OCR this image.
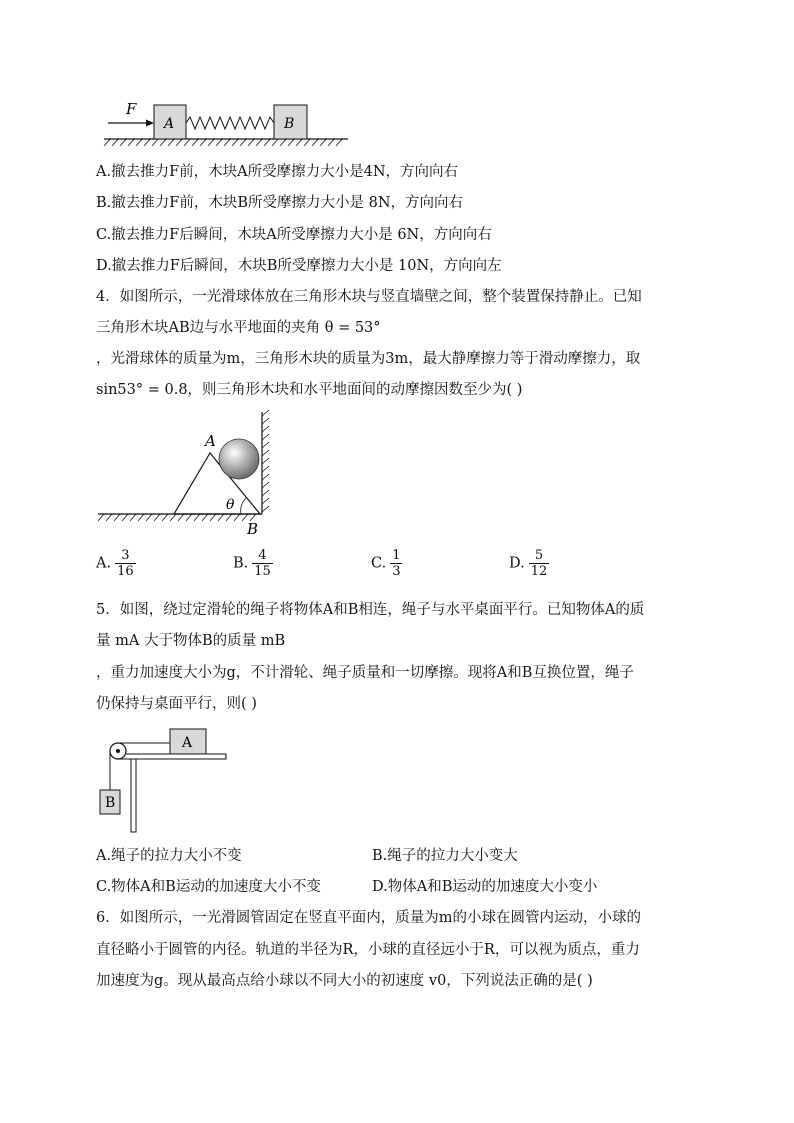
F
A	B
A.撤去推力F前，木块A所受摩擦力大小是4N，方向向右
B.撤去推力F前，木块B所受摩擦力大小是 8N，方向向右
C.撤去推力F后瞬间，木块A所受摩擦力大小是 6N，方向向右
D.撤去推力F后瞬间，木块B所受摩擦力大小是 10N，方向向左
4．如图所示，一光滑球体放在三角形木块与竖直墙壁之间，整个装置保持静止。已知
三角形木块AB边与水平地面的夹角 θ = 53°
，光滑球体的质量为m，三角形木块的质量为3m，最大静摩擦力等于滑动摩擦力，取
sin53° = 0.8，则三角形木块和水平地面间的动摩擦因数至少为( )
A
θ
B
A. $\frac{3}{16}$	B. $\frac{4}{15}$	C. $\frac{1}{3}$	D. $\frac{5}{12}$
5．如图，绕过定滑轮的绳子将物体A和B相连，绳子与水平桌面平行。已知物体A的质
量 mA 大于物体B的质量 mB
，重力加速度大小为g，不计滑轮、绳子质量和一切摩擦。现将A和B互换位置，绳子
仍保持与桌面平行，则( )
A
B
A.绳子的拉力大小不变	B.绳子的拉力大小变大
C.物体A和B运动的加速度大小不变	D.物体A和B运动的加速度大小变小
6．如图所示，一光滑圆管固定在竖直平面内，质量为m的小球在圆管内运动，小球的
直径略小于圆管的内径。轨道的半径为R，小球的直径远小于R，可以视为质点，重力
加速度为g。现从最高点给小球以不同大小的初速度 v0，下列说法正确的是( )
